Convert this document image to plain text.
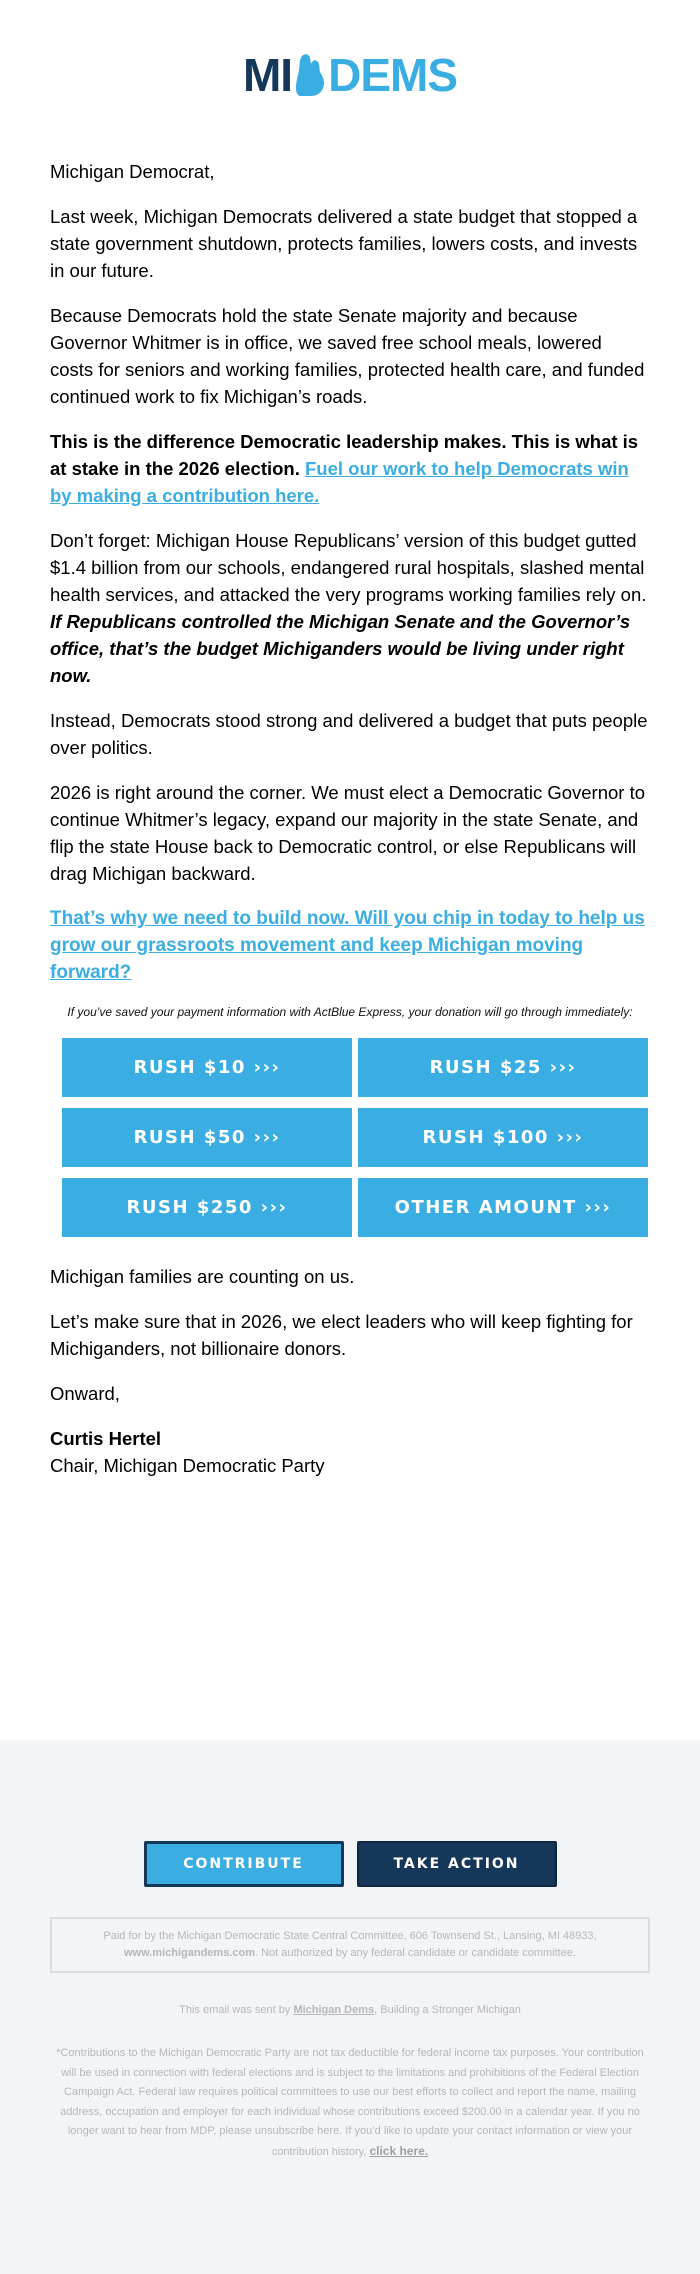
MI DEMS

Michigan Democrat,

Last week, Michigan Democrats delivered a state budget that stopped a state government shutdown, protects families, lowers costs, and invests in our future.

Because Democrats hold the state Senate majority and because Governor Whitmer is in office, we saved free school meals, lowered costs for seniors and working families, protected health care, and funded continued work to fix Michigan’s roads.

This is the difference Democratic leadership makes. This is what is at stake in the 2026 election. Fuel our work to help Democrats win by making a contribution here.

Don’t forget: Michigan House Republicans’ version of this budget gutted $1.4 billion from our schools, endangered rural hospitals, slashed mental health services, and attacked the very programs working families rely on. If Republicans controlled the Michigan Senate and the Governor’s office, that’s the budget Michiganders would be living under right now.

Instead, Democrats stood strong and delivered a budget that puts people over politics.

2026 is right around the corner. We must elect a Democratic Governor to continue Whitmer’s legacy, expand our majority in the state Senate, and flip the state House back to Democratic control, or else Republicans will drag Michigan backward.

That’s why we need to build now. Will you chip in today to help us grow our grassroots movement and keep Michigan moving forward?

If you’ve saved your payment information with ActBlue Express, your donation will go through immediately:

RUSH $10 ›››	RUSH $25 ›››
RUSH $50 ›››	RUSH $100 ›››
RUSH $250 ›››	OTHER AMOUNT ›››

Michigan families are counting on us.

Let’s make sure that in 2026, we elect leaders who will keep fighting for Michiganders, not billionaire donors.

Onward,

Curtis Hertel

Chair, Michigan Democratic Party

CONTRIBUTE	TAKE ACTION
Paid for by the Michigan Democratic State Central Committee, 606 Townsend St., Lansing, MI 48933,
www.michigandems.com. Not authorized by any federal candidate or candidate committee.
This email was sent by Michigan Dems, Building a Stronger Michigan
*Contributions to the Michigan Democratic Party are not tax deductible for federal income tax purposes. Your contribution will be used in connection with federal elections and is subject to the limitations and prohibitions of the Federal Election Campaign Act. Federal law requires political committees to use our best efforts to collect and report the name, mailing address, occupation and employer for each individual whose contributions exceed $200.00 in a calendar year. If you no longer want to hear from MDP, please unsubscribe here. If you’d like to update your contact information or view your contribution history, click here.
